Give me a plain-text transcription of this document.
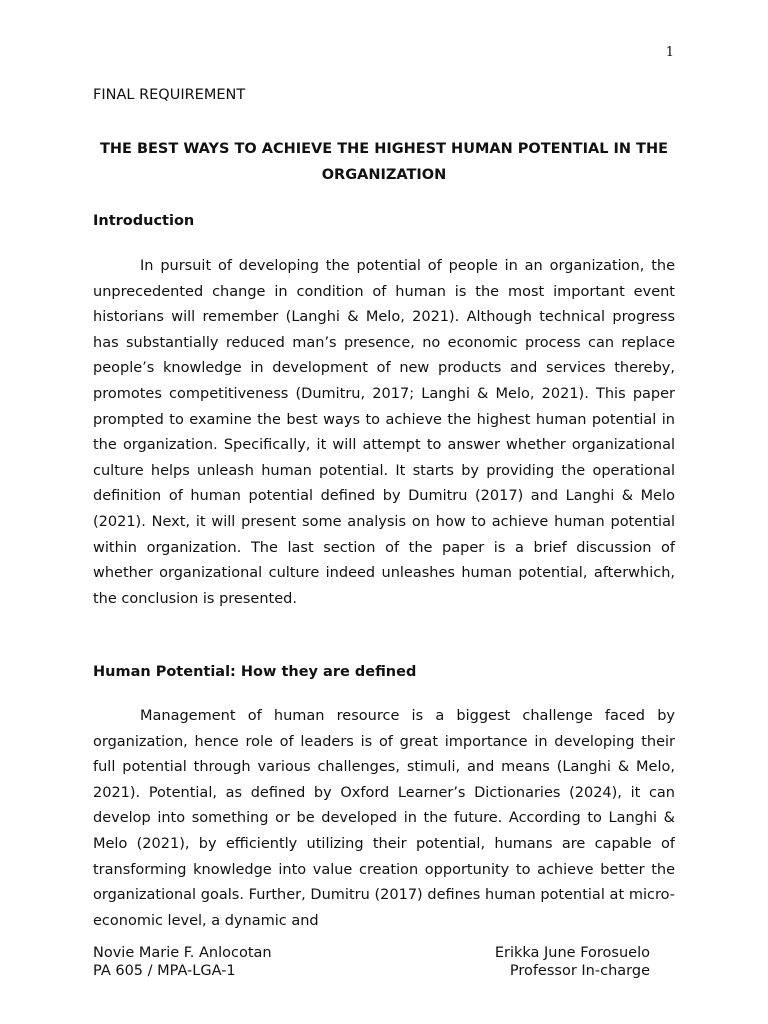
1
FINAL REQUIREMENT
THE BEST WAYS TO ACHIEVE THE HIGHEST HUMAN POTENTIAL IN THE ORGANIZATION
Introduction
In pursuit of developing the potential of people in an organization, the unprecedented change in condition of human is the most important event historians will remember (Langhi & Melo, 2021). Although technical progress has substantially reduced man’s presence, no economic process can replace people’s knowledge in development of new products and services thereby, promotes competitiveness (Dumitru, 2017; Langhi & Melo, 2021). This paper prompted to examine the best ways to achieve the highest human potential in the organization. Specifically, it will attempt to answer whether organizational culture helps unleash human potential. It starts by providing the operational definition of human potential defined by Dumitru (2017) and Langhi & Melo (2021). Next, it will present some analysis on how to achieve human potential within organization. The last section of the paper is a brief discussion of whether organizational culture indeed unleashes human potential, afterwhich, the conclusion is presented.
Human Potential: How they are defined
Management of human resource is a biggest challenge faced by organization, hence role of leaders is of great importance in developing their full potential through various challenges, stimuli, and means (Langhi & Melo, 2021). Potential, as defined by Oxford Learner’s Dictionaries (2024), it can develop into something or be developed in the future. According to Langhi & Melo (2021), by efficiently utilizing their potential, humans are capable of transforming knowledge into value creation opportunity to achieve better the organizational goals. Further, Dumitru (2017) defines human potential at micro-economic level, a dynamic and
Novie Marie F. Anlocotan
PA 605 / MPA-LGA-1
Erikka June Forosuelo
Professor In-charge
